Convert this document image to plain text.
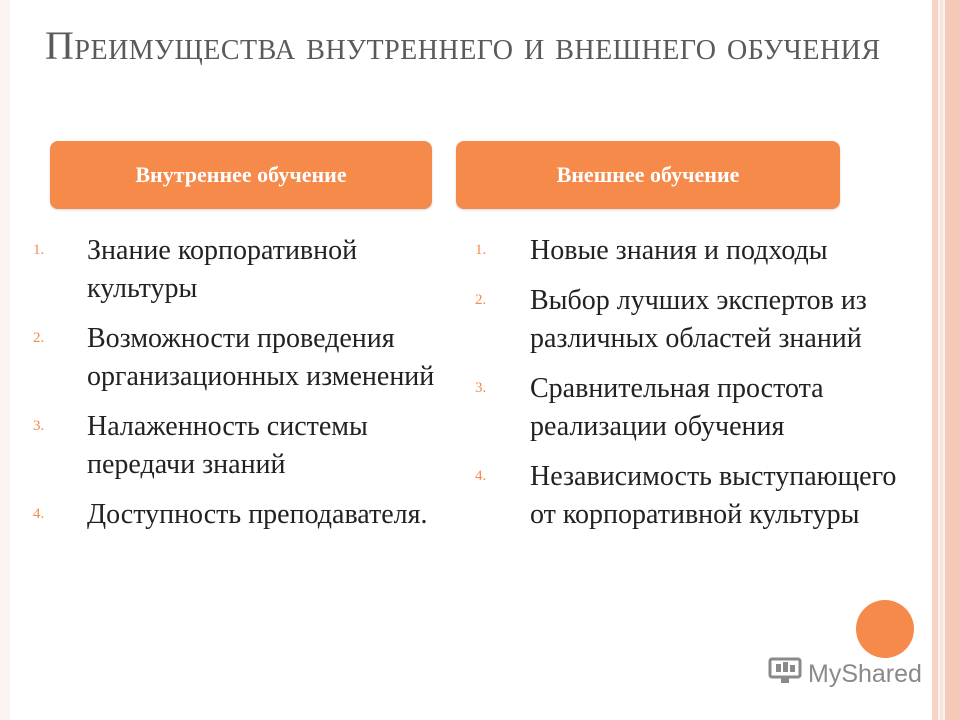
Преимущества внутреннего и внешнего обучения
Внутреннее обучение	Внешнее обучение
1. Знание корпоративной культуры
2. Возможности проведения организационных изменений
3. Налаженность системы передачи знаний
4. Доступность преподавателя.
1. Новые знания и подходы
2. Выбор лучших экспертов из различных областей знаний
3. Сравнительная простота реализации обучения
4. Независимость выступающего от корпоративной культуры
MyShared
